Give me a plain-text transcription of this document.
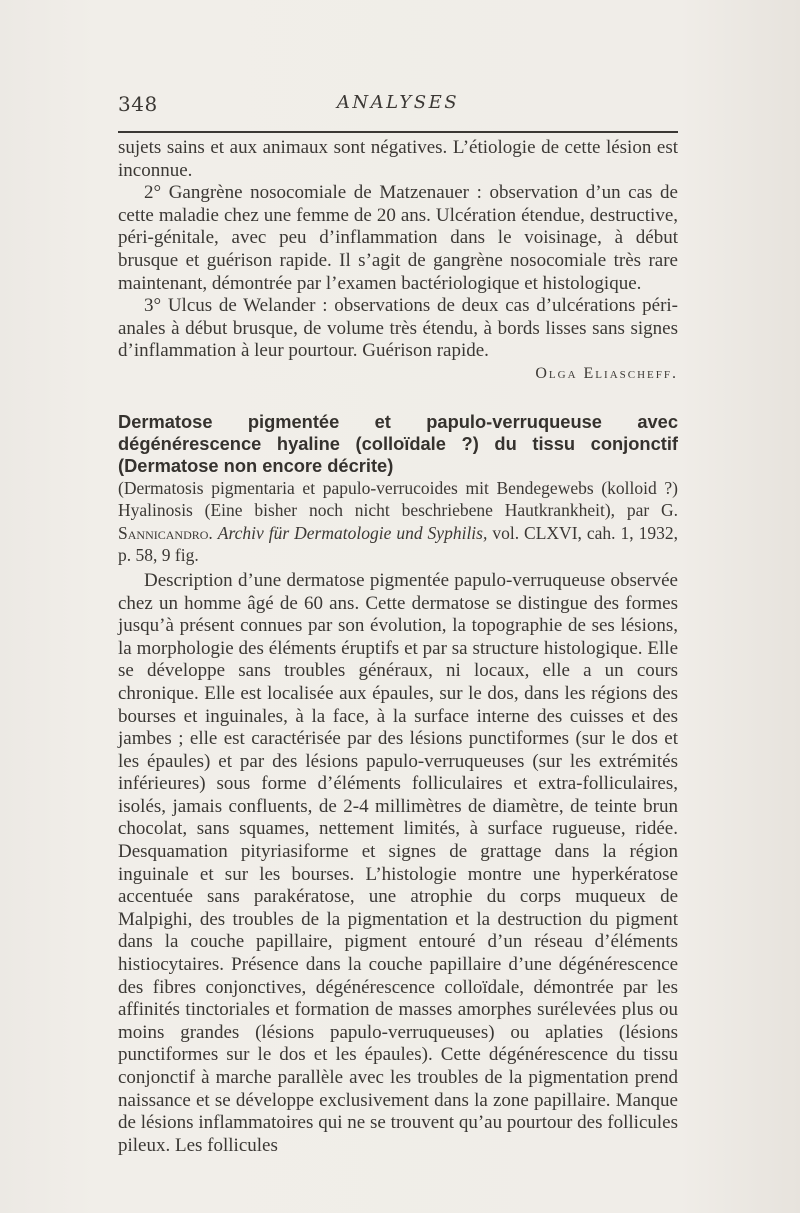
348	ANALYSES

sujets sains et aux animaux sont négatives. L’étiologie de cette lésion est inconnue.

2° Gangrène nosocomiale de Matzenauer : observation d’un cas de cette maladie chez une femme de 20 ans. Ulcération étendue, destructive, péri-génitale, avec peu d’inflammation dans le voisinage, à début brusque et guérison rapide. Il s’agit de gangrène nosocomiale très rare maintenant, démontrée par l’examen bactériologique et histologique.

3° Ulcus de Welander : observations de deux cas d’ulcérations péri-anales à début brusque, de volume très étendu, à bords lisses sans signes d’inflammation à leur pourtour. Guérison rapide.

Olga Eliascheff.

Dermatose pigmentée et papulo-verruqueuse avec dégénérescence hyaline (colloïdale ?) du tissu conjonctif (Dermatose non encore décrite)

(Dermatosis pigmentaria et papulo-verrucoides mit Bendegewebs (kolloid ?) Hyalinosis (Eine bisher noch nicht beschriebene Hautkrankheit), par G. Sannicandro. Archiv für Dermatologie und Syphilis, vol. CLXVI, cah. 1, 1932, p. 58, 9 fig.

Description d’une dermatose pigmentée papulo-verruqueuse observée chez un homme âgé de 60 ans. Cette dermatose se distingue des formes jusqu’à présent connues par son évolution, la topographie de ses lésions, la morphologie des éléments éruptifs et par sa structure histologique. Elle se développe sans troubles généraux, ni locaux, elle a un cours chronique. Elle est localisée aux épaules, sur le dos, dans les régions des bourses et inguinales, à la face, à la surface interne des cuisses et des jambes ; elle est caractérisée par des lésions punctiformes (sur le dos et les épaules) et par des lésions papulo-verruqueuses (sur les extrémités inférieures) sous forme d’éléments folliculaires et extra-folliculaires, isolés, jamais confluents, de 2-4 millimètres de diamètre, de teinte brun chocolat, sans squames, nettement limités, à surface rugueuse, ridée. Desquamation pityriasiforme et signes de grattage dans la région inguinale et sur les bourses. L’histologie montre une hyperkératose accentuée sans parakératose, une atrophie du corps muqueux de Malpighi, des troubles de la pigmentation et la destruction du pigment dans la couche papillaire, pigment entouré d’un réseau d’éléments histiocytaires. Présence dans la couche papillaire d’une dégénérescence des fibres conjonctives, dégénérescence colloïdale, démontrée par les affinités tinctoriales et formation de masses amorphes surélevées plus ou moins grandes (lésions papulo-verruqueuses) ou aplaties (lésions punctiformes sur le dos et les épaules). Cette dégénérescence du tissu conjonctif à marche parallèle avec les troubles de la pigmentation prend naissance et se développe exclusivement dans la zone papillaire. Manque de lésions inflammatoires qui ne se trouvent qu’au pourtour des follicules pileux. Les follicules
